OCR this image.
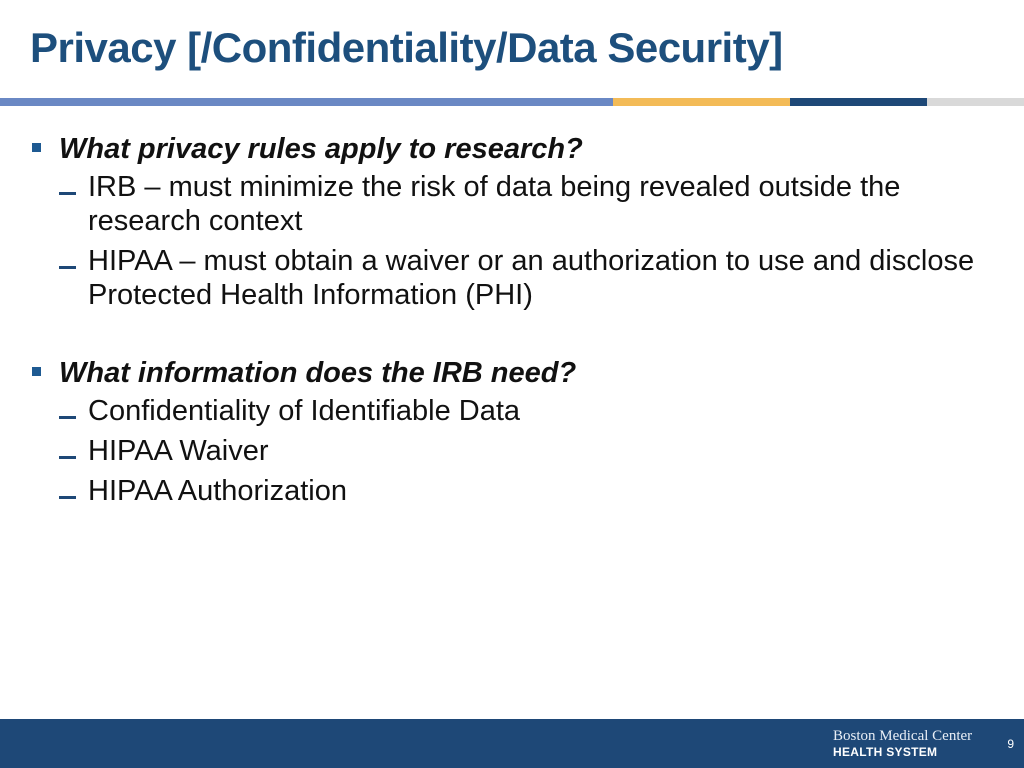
Privacy [/Confidentiality/Data Security]
What privacy rules apply to research?
IRB – must minimize the risk of data being revealed outside the research context
HIPAA – must obtain a waiver or an authorization to use and disclose Protected Health Information (PHI)
What information does the IRB need?
Confidentiality of Identifiable Data
HIPAA Waiver
HIPAA Authorization
Boston Medical Center
HEALTH SYSTEM
9
